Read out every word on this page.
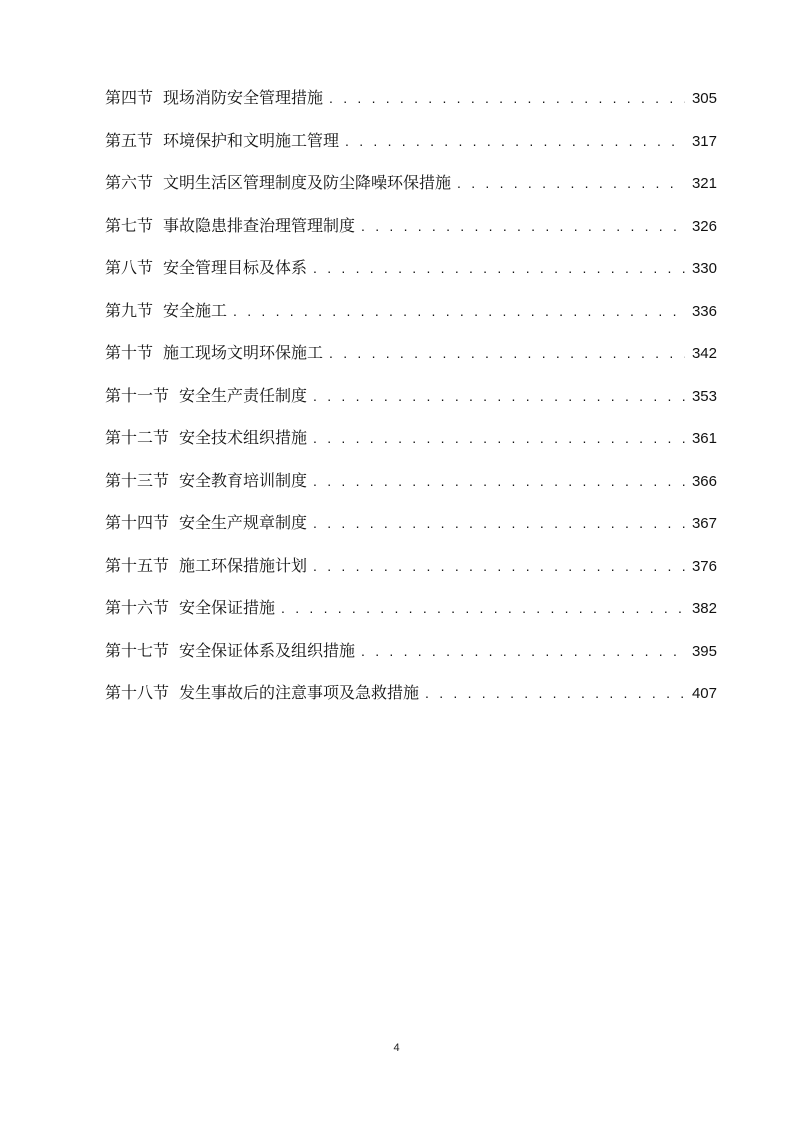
第四节 现场消防安全管理措施 . . .	305
第五节 环境保护和文明施工管理 . . .	317
第六节 文明生活区管理制度及防尘降噪环保措施 . . .	321
第七节 事故隐患排查治理管理制度 . . .	326
第八节 安全管理目标及体系 . . .	330
第九节 安全施工 . . .	336
第十节 施工现场文明环保施工 . . .	342
第十一节 安全生产责任制度 . . .	353
第十二节 安全技术组织措施 . . .	361
第十三节 安全教育培训制度 . . .	366
第十四节 安全生产规章制度 . . .	367
第十五节 施工环保措施计划 . . .	376
第十六节 安全保证措施 . . .	382
第十七节 安全保证体系及组织措施 . . .	395
第十八节 发生事故后的注意事项及急救措施 . . .	407
4
